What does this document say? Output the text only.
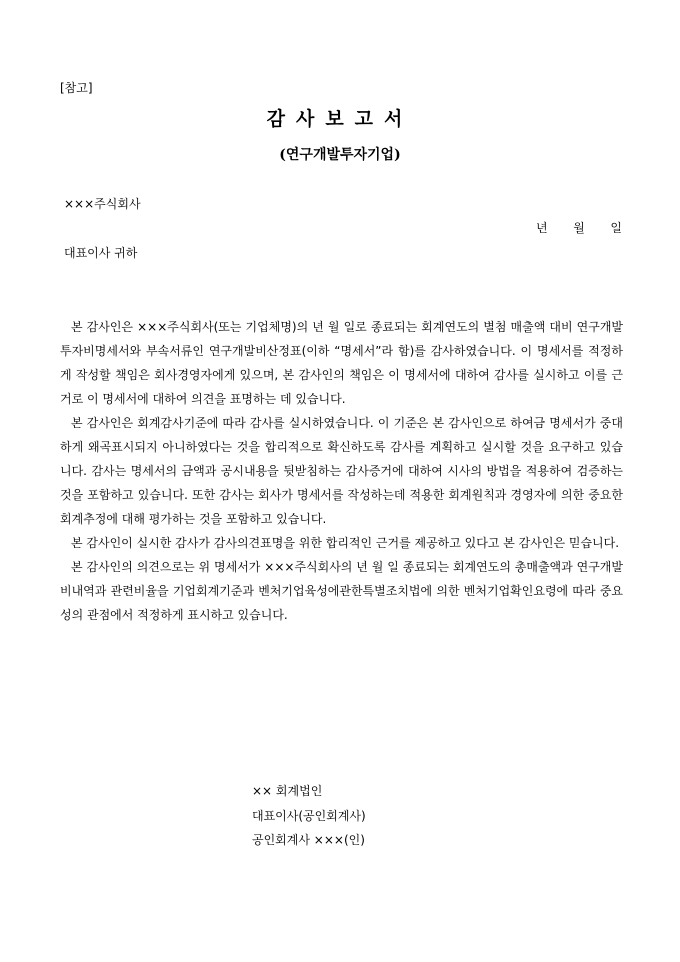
[참고]
감사보고서
(연구개발투자기업)
×××주식회사
년 월 일
대표이사 귀하

본 감사인은 ×××주식회사(또는 기업체명)의 년 월 일로 종료되는 회계연도의 별첨 매출액 대비 연구개발투자비명세서와 부속서류인 연구개발비산정표(이하 “명세서”라 함)를 감사하였습니다. 이 명세서를 적정하게 작성할 책임은 회사경영자에게 있으며, 본 감사인의 책임은 이 명세서에 대하여 감사를 실시하고 이를 근거로 이 명세서에 대하여 의견을 표명하는 데 있습니다.

본 감사인은 회계감사기준에 따라 감사를 실시하였습니다. 이 기준은 본 감사인으로 하여금 명세서가 중대하게 왜곡표시되지 아니하였다는 것을 합리적으로 확신하도록 감사를 계획하고 실시할 것을 요구하고 있습니다. 감사는 명세서의 금액과 공시내용을 뒷받침하는 감사증거에 대하여 시사의 방법을 적용하여 검증하는 것을 포함하고 있습니다. 또한 감사는 회사가 명세서를 작성하는데 적용한 회계원칙과 경영자에 의한 중요한 회계추정에 대해 평가하는 것을 포함하고 있습니다.

본 감사인이 실시한 감사가 감사의견표명을 위한 합리적인 근거를 제공하고 있다고 본 감사인은 믿습니다.

본 감사인의 의견으로는 위 명세서가 ×××주식회사의 년 월 일 종료되는 회계연도의 총매출액과 연구개발비내역과 관련비율을 기업회계기준과 벤처기업육성에관한특별조치법에 의한 벤처기업확인요령에 따라 중요성의 관점에서 적정하게 표시하고 있습니다.

×× 회계법인
대표이사(공인회계사)
공인회계사 ×××(인)
